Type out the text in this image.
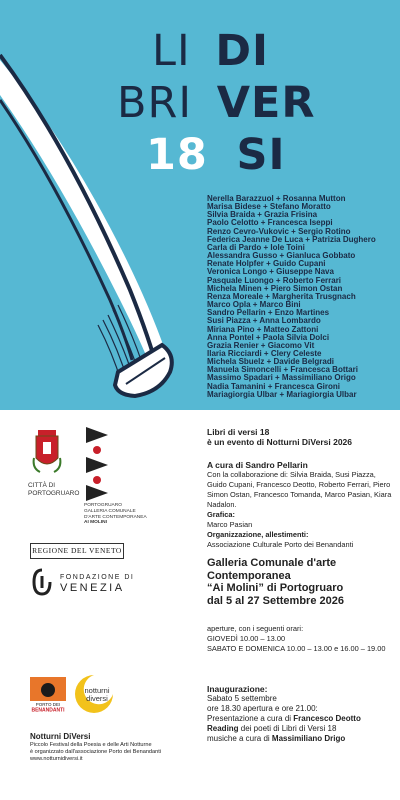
LI DI
BRI VER
18 SI
Nerella Barazzuol + Rosanna Mutton
Marisa Bidese + Stefano Moratto
Silvia Braida + Grazia Frisina
Paolo Celotto + Francesca Iseppi
Renzo Cevro-Vukovic + Sergio Rotino
Federica Jeanne De Luca + Patrizia Dughero
Carla di Pardo + Iole Toini
Alessandra Gusso + Gianluca Gobbato
Renate Holpfer + Guido Cupani
Veronica Longo + Giuseppe Nava
Pasquale Luongo + Roberto Ferrari
Michela Minen + Piero Simon Ostan
Renza Moreale + Margherita Trusgnach
Marco Opla + Marco Bini
Sandro Pellarin + Enzo Martines
Susi Piazza + Anna Lombardo
Miriana Pino + Matteo Zattoni
Anna Pontel + Paola Silvia Dolci
Grazia Renier + Giacomo Vit
Ilaria Ricciardi + Clery Celeste
Michela Sbuelz + Davide Belgradi
Manuela Simoncelli + Francesca Bottari
Massimo Spadari + Massimiliano Origo
Nadia Tamanini + Francesca Gironi
Mariagiorgia Ulbar + Mariagiorgia Ulbar
CITTÀ DI
PORTOGRUARO
PORTOGRUARO
GALLERIA COMUNALE
D'ARTE CONTEMPORANEA
AI MOLINI
REGIONE DEL VENETO
FONDAZIONE DI
VENEZIA

Libri di versi 18

è un evento di Notturni DiVersi 2026

A cura di Sandro Pellarin

Con la collaborazione di: Silvia Braida, Susi Piazza, Guido Cupani, Francesco Deotto, Roberto Ferrari, Piero Simon Ostan, Francesco Tomanda, Marco Pasian, Kiara Nadalon.

Grafica:

Marco Pasian

Organizzazione, allestimenti:

Associazione Culturale Porto dei Benandanti

Galleria Comunale d'arte

Contemporanea

“Ai Molini” di Portogruaro

dal 5 al 27 Settembre 2026

aperture, con i seguenti orari:

GIOVEDÌ 10.00 – 13.00

SABATO E DOMENICA 10.00 – 13.00 e 16.00 – 19.00

Inaugurazione:

Sabato 5 settembre

ore 18.30 apertura e ore 21.00:

Presentazione a cura di Francesco Deotto

Reading dei poeti di Libri di Versi 18

musiche a cura di Massimiliano Drigo

PORTO DEI
BENANDANTI
notturni
diversi
Notturni DiVersi
Piccolo Festival della Poesia e delle Arti Notturne
è organizzato dall'associazione Porto dei Benandanti
www.notturnidiversi.it
